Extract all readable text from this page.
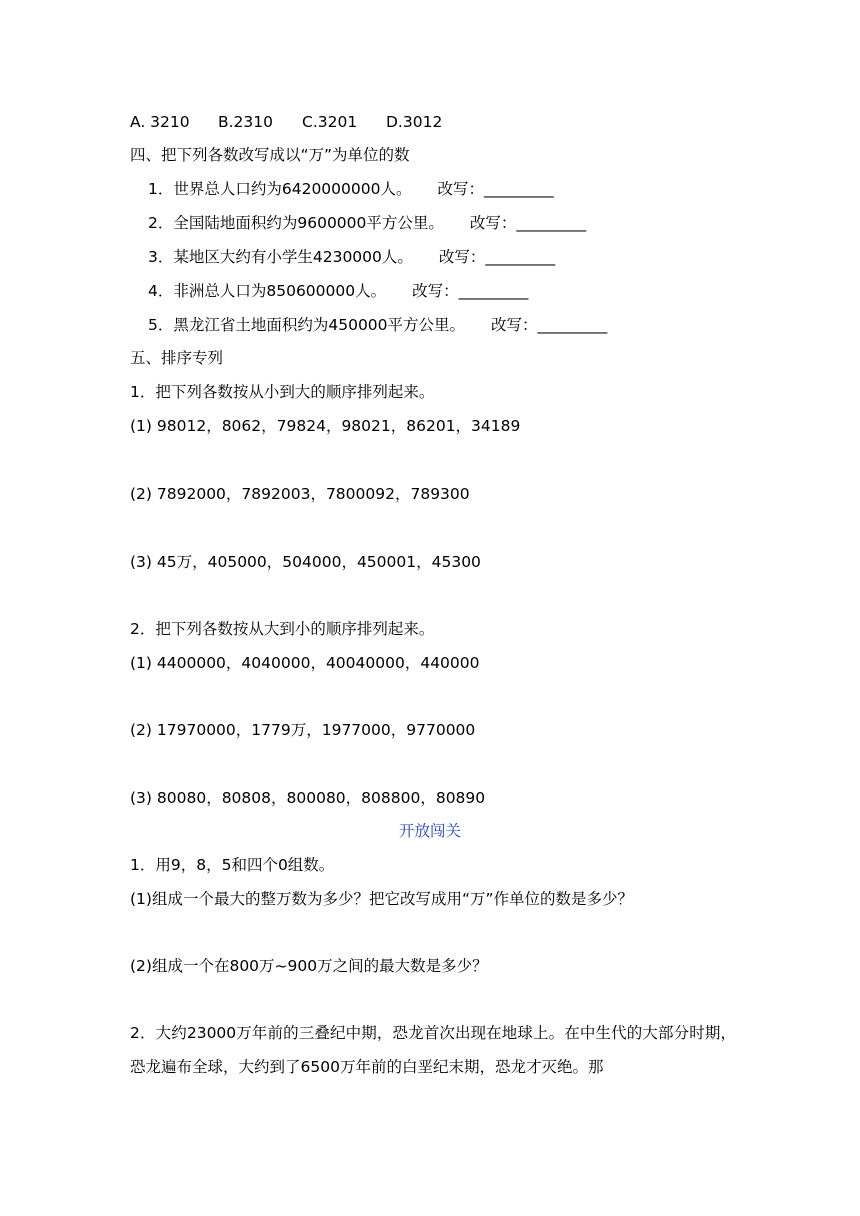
A. 3210 B.2310 C.3201 D.3012
四、把下列各数改写成以“万”为单位的数
1．世界总人口约为6420000000人。 改写：_________
2．全国陆地面积约为9600000平方公里。 改写：_________
3．某地区大约有小学生4230000人。 改写：_________
4．非洲总人口为850600000人。 改写：_________
5．黑龙江省土地面积约为450000平方公里。 改写：_________
五、排序专列
1．把下列各数按从小到大的顺序排列起来。
(1) 98012，8062，79824，98021，86201，34189
(2) 7892000，7892003，7800092，789300
(3) 45万，405000，504000，450001，45300
2．把下列各数按从大到小的顺序排列起来。
(1) 4400000，4040000，40040000，440000
(2) 17970000，1779万，1977000，9770000
(3) 80080，80808，800080，808800，80890
开放闯关
1．用9，8，5和四个0组数。
(1)组成一个最大的整万数为多少？把它改写成用“万”作单位的数是多少？
(2)组成一个在800万~900万之间的最大数是多少？
2．大约23000万年前的三叠纪中期，恐龙首次出现在地球上。在中生代的大部分时期，恐龙遍布全球，大约到了6500万年前的白垩纪末期，恐龙才灭绝。那
